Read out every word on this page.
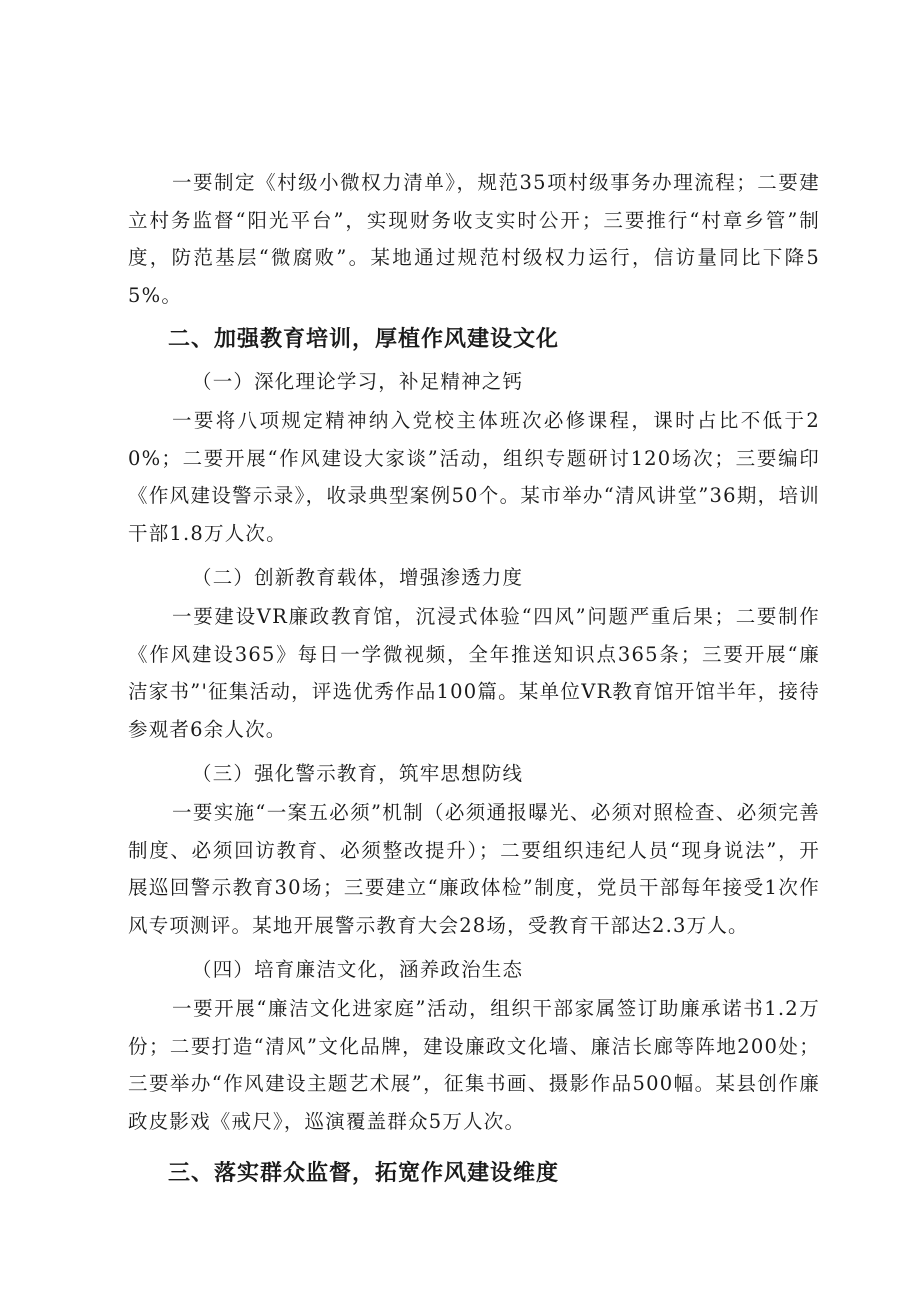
一要制定《村级小微权力清单》，规范35项村级事务办理流程；二要建立村务监督“阳光平台”，实现财务收支实时公开；三要推行“村章乡管”制度，防范基层“微腐败”。某地通过规范村级权力运行，信访量同比下降55%。

二、加强教育培训，厚植作风建设文化
（一）深化理论学习，补足精神之钙

一要将八项规定精神纳入党校主体班次必修课程，课时占比不低于20%；二要开展“作风建设大家谈”活动，组织专题研讨120场次；三要编印《作风建设警示录》，收录典型案例50个。某市举办“清风讲堂”36期，培训干部1.8万人次。

（二）创新教育载体，增强渗透力度

一要建设VR廉政教育馆，沉浸式体验“四风”问题严重后果；二要制作《作风建设365》每日一学微视频，全年推送知识点365条；三要开展“廉洁家书”'征集活动，评选优秀作品100篇。某单位VR教育馆开馆半年，接待参观者6余人次。

（三）强化警示教育，筑牢思想防线

一要实施“一案五必须”机制（必须通报曝光、必须对照检查、必须完善制度、必须回访教育、必须整改提升）；二要组织违纪人员“现身说法”，开展巡回警示教育30场；三要建立“廉政体检”制度，党员干部每年接受1次作风专项测评。某地开展警示教育大会28场，受教育干部达2.3万人。

（四）培育廉洁文化，涵养政治生态

一要开展“廉洁文化进家庭”活动，组织干部家属签订助廉承诺书1.2万份；二要打造“清风”文化品牌，建设廉政文化墙、廉洁长廊等阵地200处；三要举办“作风建设主题艺术展”，征集书画、摄影作品500幅。某县创作廉政皮影戏《戒尺》，巡演覆盖群众5万人次。

三、落实群众监督，拓宽作风建设维度
